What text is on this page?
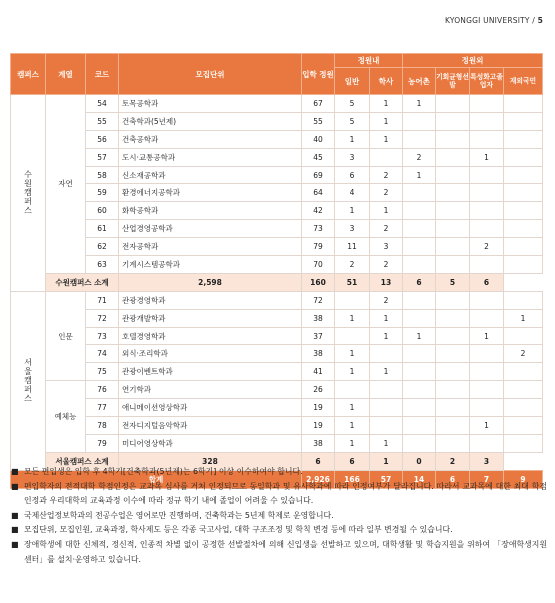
KYONGGI UNIVERSITY / 5
캠퍼스	계열	코드	모집단위	입학 정원	정원내		정원외			
					일반	학사	농어촌	기회균형선발	특성화고졸업자	재외국민
수원캠퍼스	자연	54	토목공학과	67	5	1	1			
		55	건축학과(5년제)	55	5	1				
		56	건축공학과	40	1	1				
		57	도시·교통공학과	45	3		2		1	
		58	신소재공학과	69	6	2	1			
		59	환경에너지공학과	64	4	2				
		60	화학공학과	42	1	1				
		61	산업경영공학과	73	3	2				
		62	전자공학과	79	11	3			2	
		63	기계시스템공학과	70	2	2				
	수원캠퍼스 소계		2,598	160	51	13	6	5	6	
서울캠퍼스	인문	71	관광경영학과	72		2				
		72	관광개발학과	38	1	1				1
		73	호텔경영학과	37		1	1		1	
		74	외식·조리학과	38	1					2
		75	관광이벤트학과	41	1	1				
	예체능	76	연기학과	26						
		77	애니메이션영상학과	19	1					
		78	전자디지털음악학과	19	1				1	
		79	미디어영상학과	38	1	1				
	서울캠퍼스 소계		328	6	6	1	0	2	3	
합계				2,926	166	57	14	6	7	9
■ 모든 편입생은 입학 후 4학기[건축학과(5년제)는 6학기] 이상 이수하여야 합니다.
■ 편입학자의 전적대학 학점인정은 교과목 심사를 거쳐 인정되므로 동일학과 및 유사학과에 따라 인정여부가 달라집니다. 따라서 교과목에 대한 최대 학점인정과 우리대학의 교육과정 이수에 따라 정규 학기 내에 졸업이 어려울 수 있습니다.
■ 국제산업정보학과의 전공수업은 영어로만 진행하며, 건축학과는 5년제 학제로 운영합니다.
■ 모집단위, 모집인원, 교육과정, 학사제도 등은 각종 국고사업, 대학 구조조정 및 학칙 변경 등에 따라 일부 변경될 수 있습니다.
■ 장애학생에 대한 신체적, 정신적, 인종적 차별 없이 공정한 선발절차에 의해 신입생을 선발하고 있으며, 대학생활 및 학습지원을 위하여 「장애학생지원센터」를 설치·운영하고 있습니다.
